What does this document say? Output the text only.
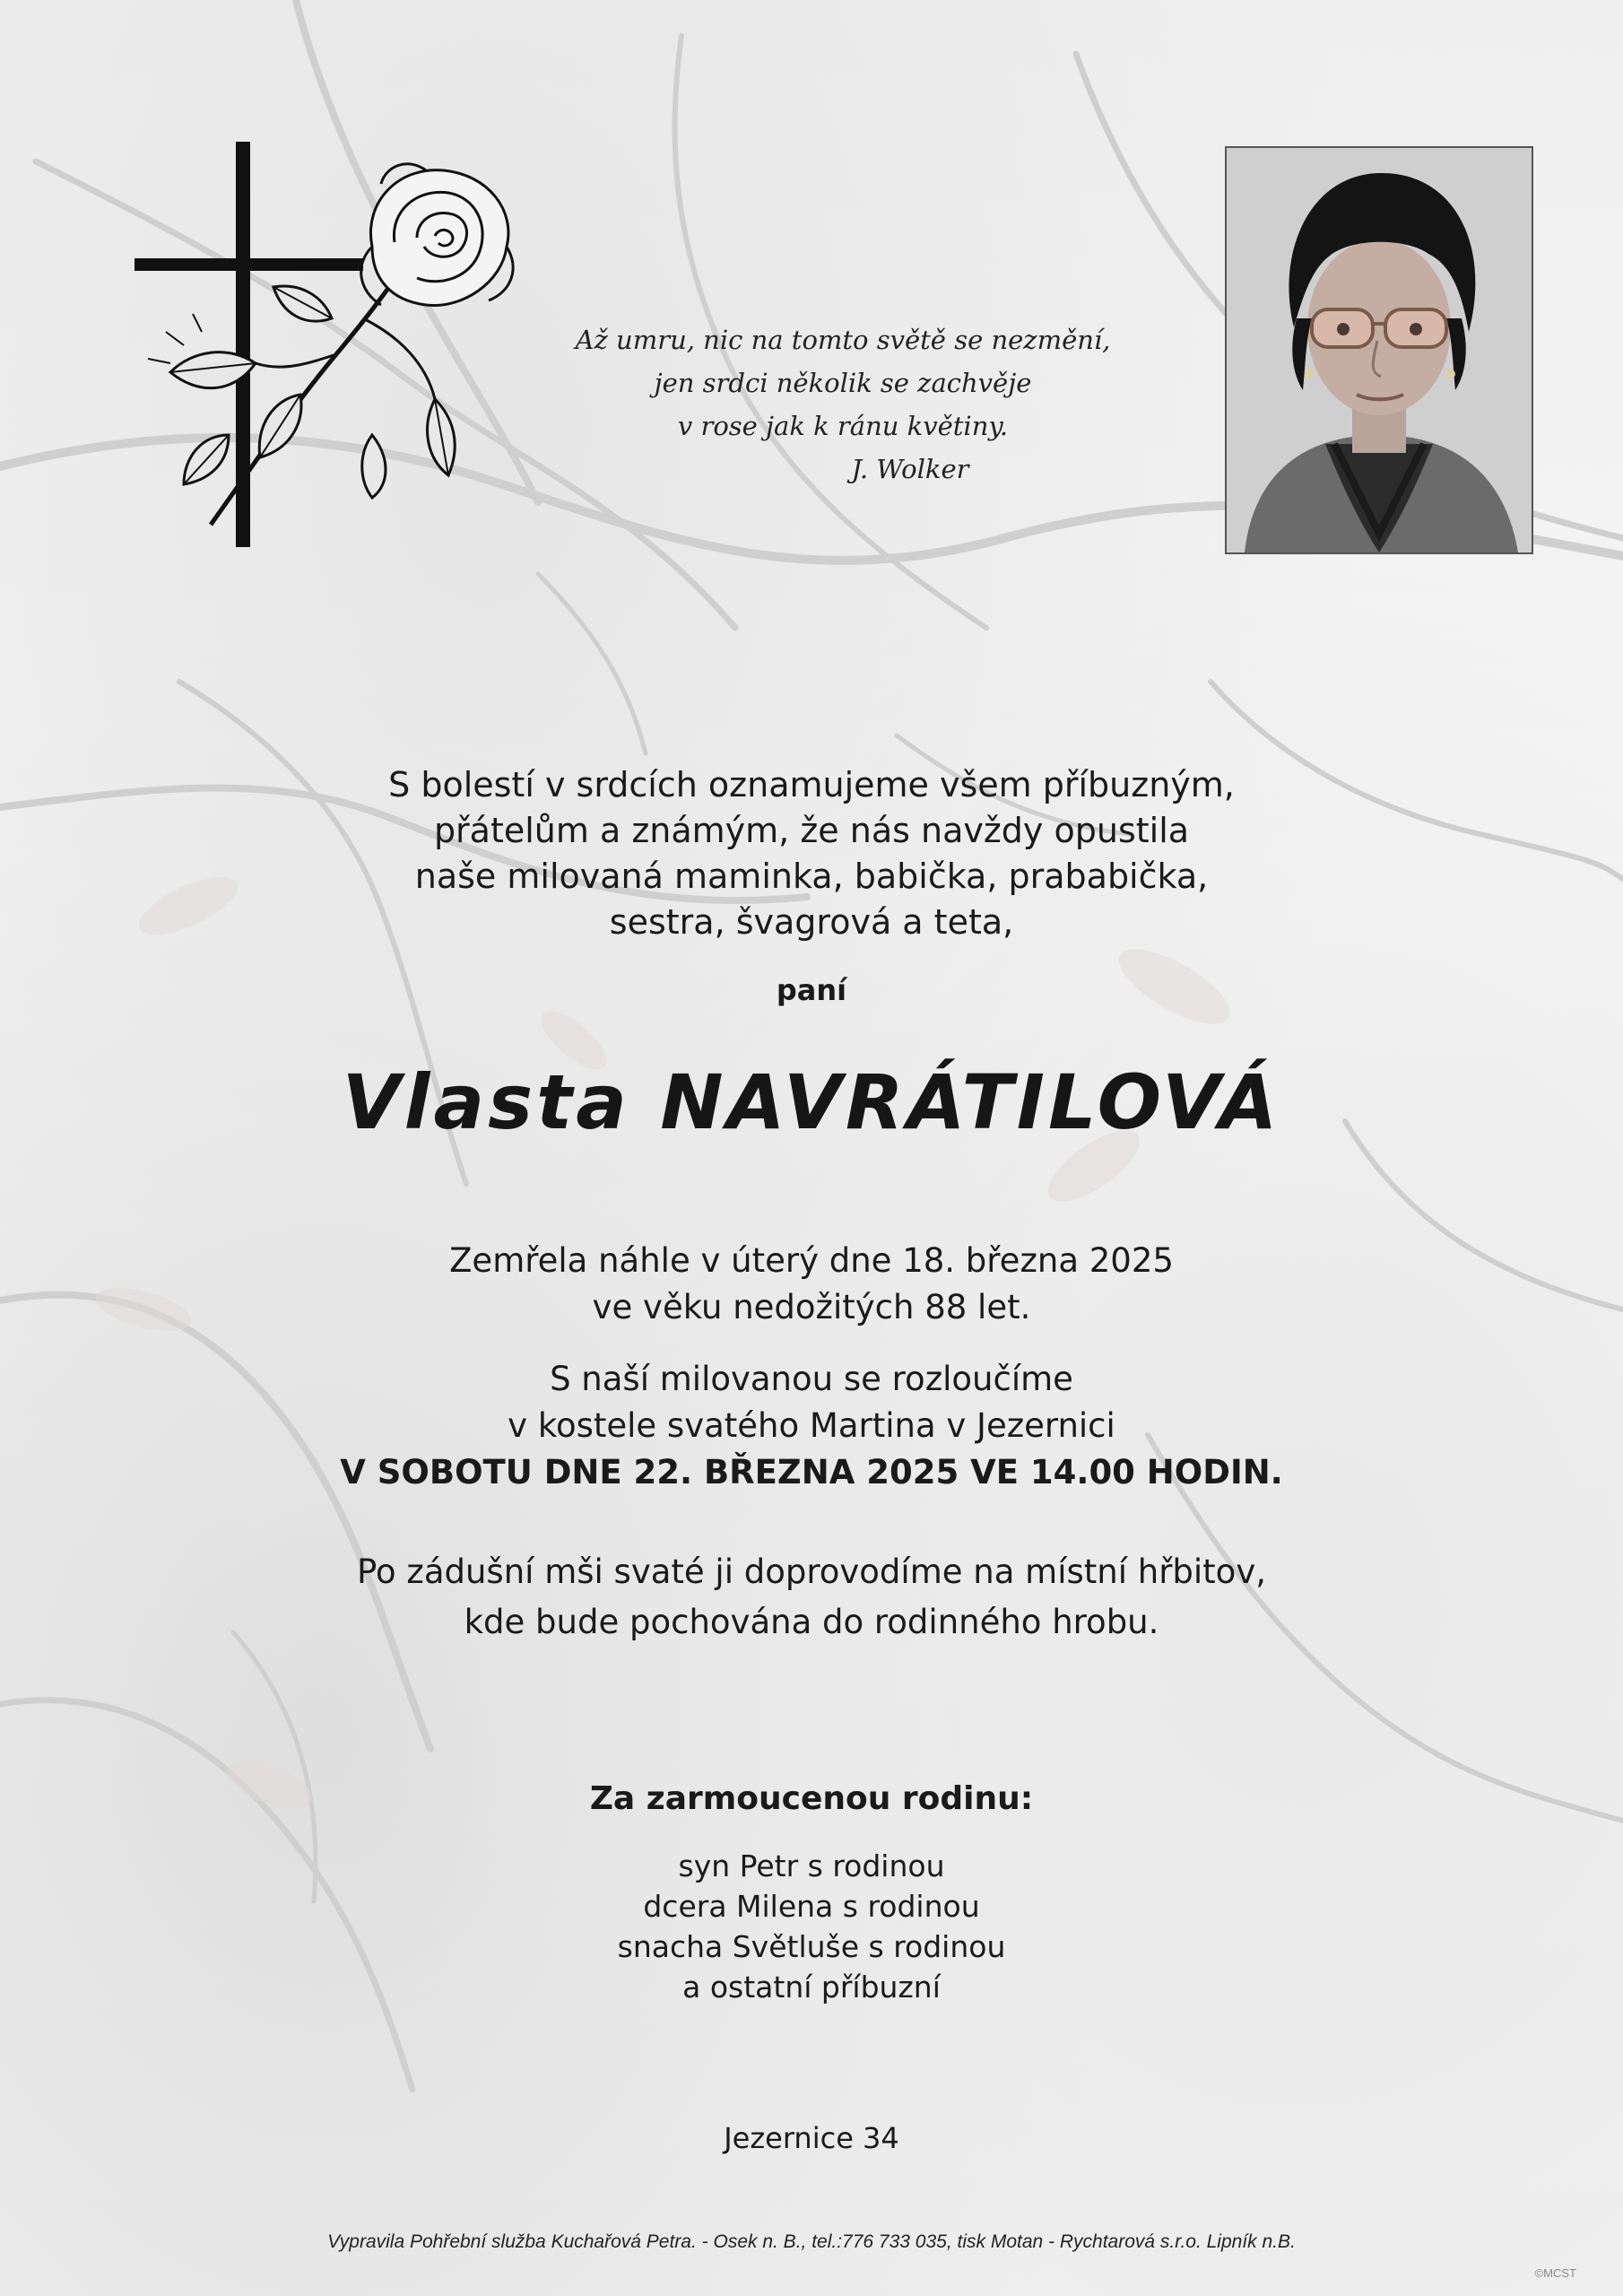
Až umru, nic na tomto světě se nezmění,
jen srdci několik se zachvěje
v rose jak k ránu květiny.
J. Wolker
S bolestí v srdcích oznamujeme všem příbuzným,
přátelům a známým, že nás navždy opustila
naše milovaná maminka, babička, prababička,
sestra, švagrová a teta,
paní
Vlasta NAVRÁTILOVÁ
Zemřela náhle v úterý dne 18. března 2025
ve věku nedožitých 88 let.
S naší milovanou se rozloučíme
v kostele svatého Martina v Jezernici
V SOBOTU DNE 22. BŘEZNA 2025 VE 14.00 HODIN.
Po zádušní mši svaté ji doprovodíme na místní hřbitov,
kde bude pochována do rodinného hrobu.
Za zarmoucenou rodinu:
syn Petr s rodinou
dcera Milena s rodinou
snacha Světluše s rodinou
a ostatní příbuzní
Jezernice 34
Vypravila Pohřební služba Kuchařová Petra. - Osek n. B., tel.:776 733 035, tisk Motan - Rychtarová s.r.o. Lipník n.B.
©MCST
